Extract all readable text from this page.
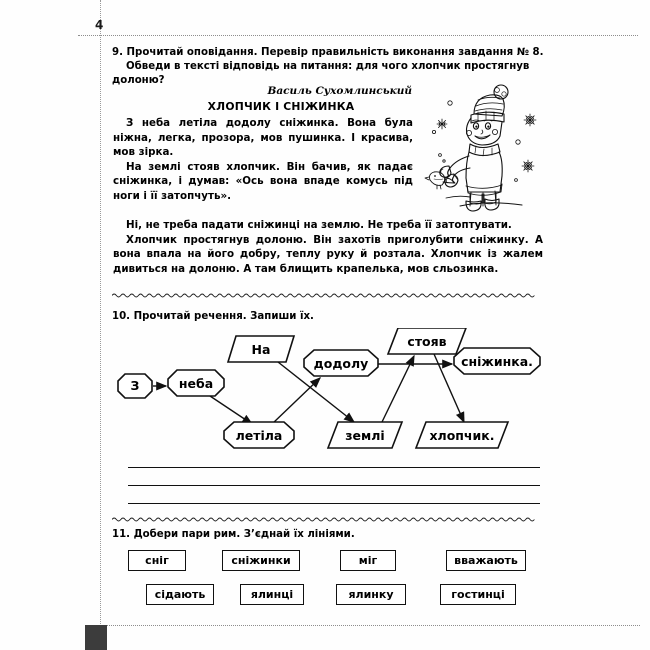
4
9. Прочитай оповідання. Перевір правильність виконання завдання № 8.
Обведи в тексті відповідь на питання: для чого хлопчик простягнув
долоню?
Василь Сухомлинський
ХЛОПЧИК І СНІЖИНКА

З неба летіла додолу сніжинка. Вона була ніжна, легка, прозора, мов пушинка. І красива, мов зірка.

На землі стояв хлопчик. Він бачив, як падає сніжинка, і думав: «Ось вона впаде комусь під ноги і її затопчуть».

Ні, не треба падати сніжинці на землю. Не треба її затоптувати.

Хлопчик простягнув долоню. Він захотів приголубити сніжинку. А вона впала на його добру, теплу руку й розтала. Хлопчик із жалем дивиться на долоню. А там блищить крапелька, мов сльозинка.

10. Прочитай речення. Запиши їх.
З	неба
На
додолу
стояв
сніжинка.
летіла	землі	хлопчик.
11. Добери пари рим. З’єднай їх лініями.
сніг	сніжинки	міг	вважають
сідають	ялинці	ялинку	гостинці
